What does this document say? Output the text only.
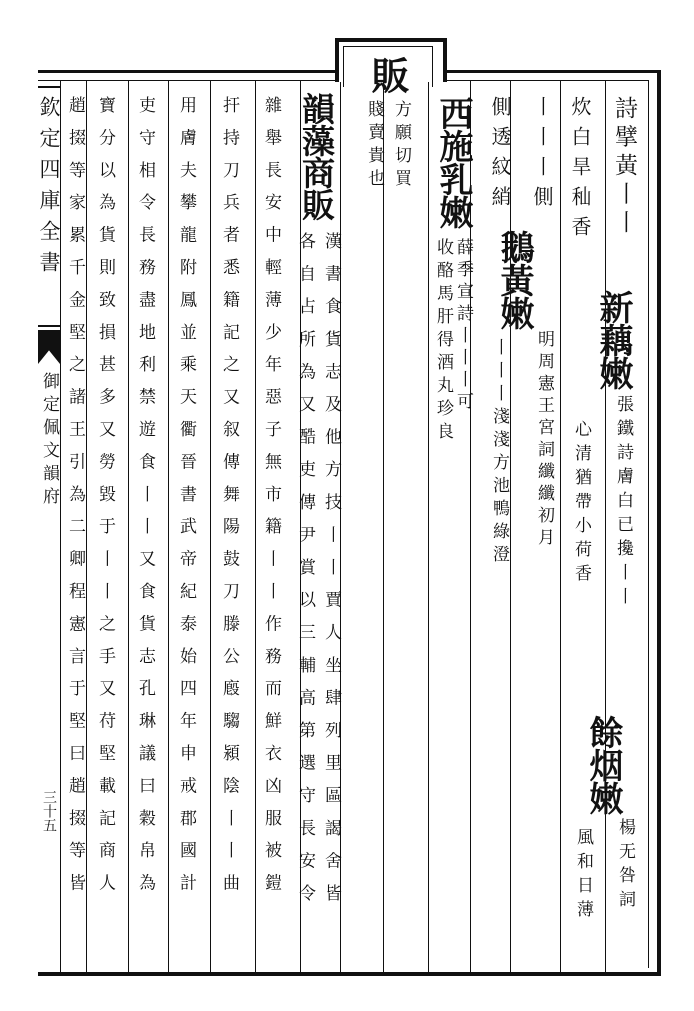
販
方願切買
賤賣貴也
欽定四庫全書
御定佩文韻府
三十五
詩擘黃丨丨
炊白旱秈香
新藕嫩
張鐵詩膚白已攙丨丨
心清猶帶小荷香
餘烟嫩
楊无咎詞
風和日薄
丨丨丨側
側透紋綃
鵝黃嫩
明周憲王宮詞纖纖初月
丨丨丨淺淺方池鴨綠澄
西施乳嫩
薛季宣詩丨丨丨可
收酪馬肝得酒丸珍良
韻藻商販
漢書食貨志及他方技丨丨賈人坐肆列里區謁舍皆
各自占所為又酷吏傳尹賞以三輔高第選守長安令
雜舉長安中輕薄少年惡子無市籍丨丨作務而鮮衣凶服被鎧
扞持刀兵者悉籍記之又叙傳舞陽鼓刀滕公廏騶潁陰丨丨曲
用膚夫攀龍附鳳並乘天衢晉書武帝紀泰始四年申戒郡國計
吏守相令長務盡地利禁遊食丨丨又食貨志孔琳議曰穀帛為
寶分以為貨則致損甚多又勞毀于丨丨之手又苻堅載記商人
趙掇等家累千金堅之諸王引為二卿程憲言于堅曰趙掇等皆
